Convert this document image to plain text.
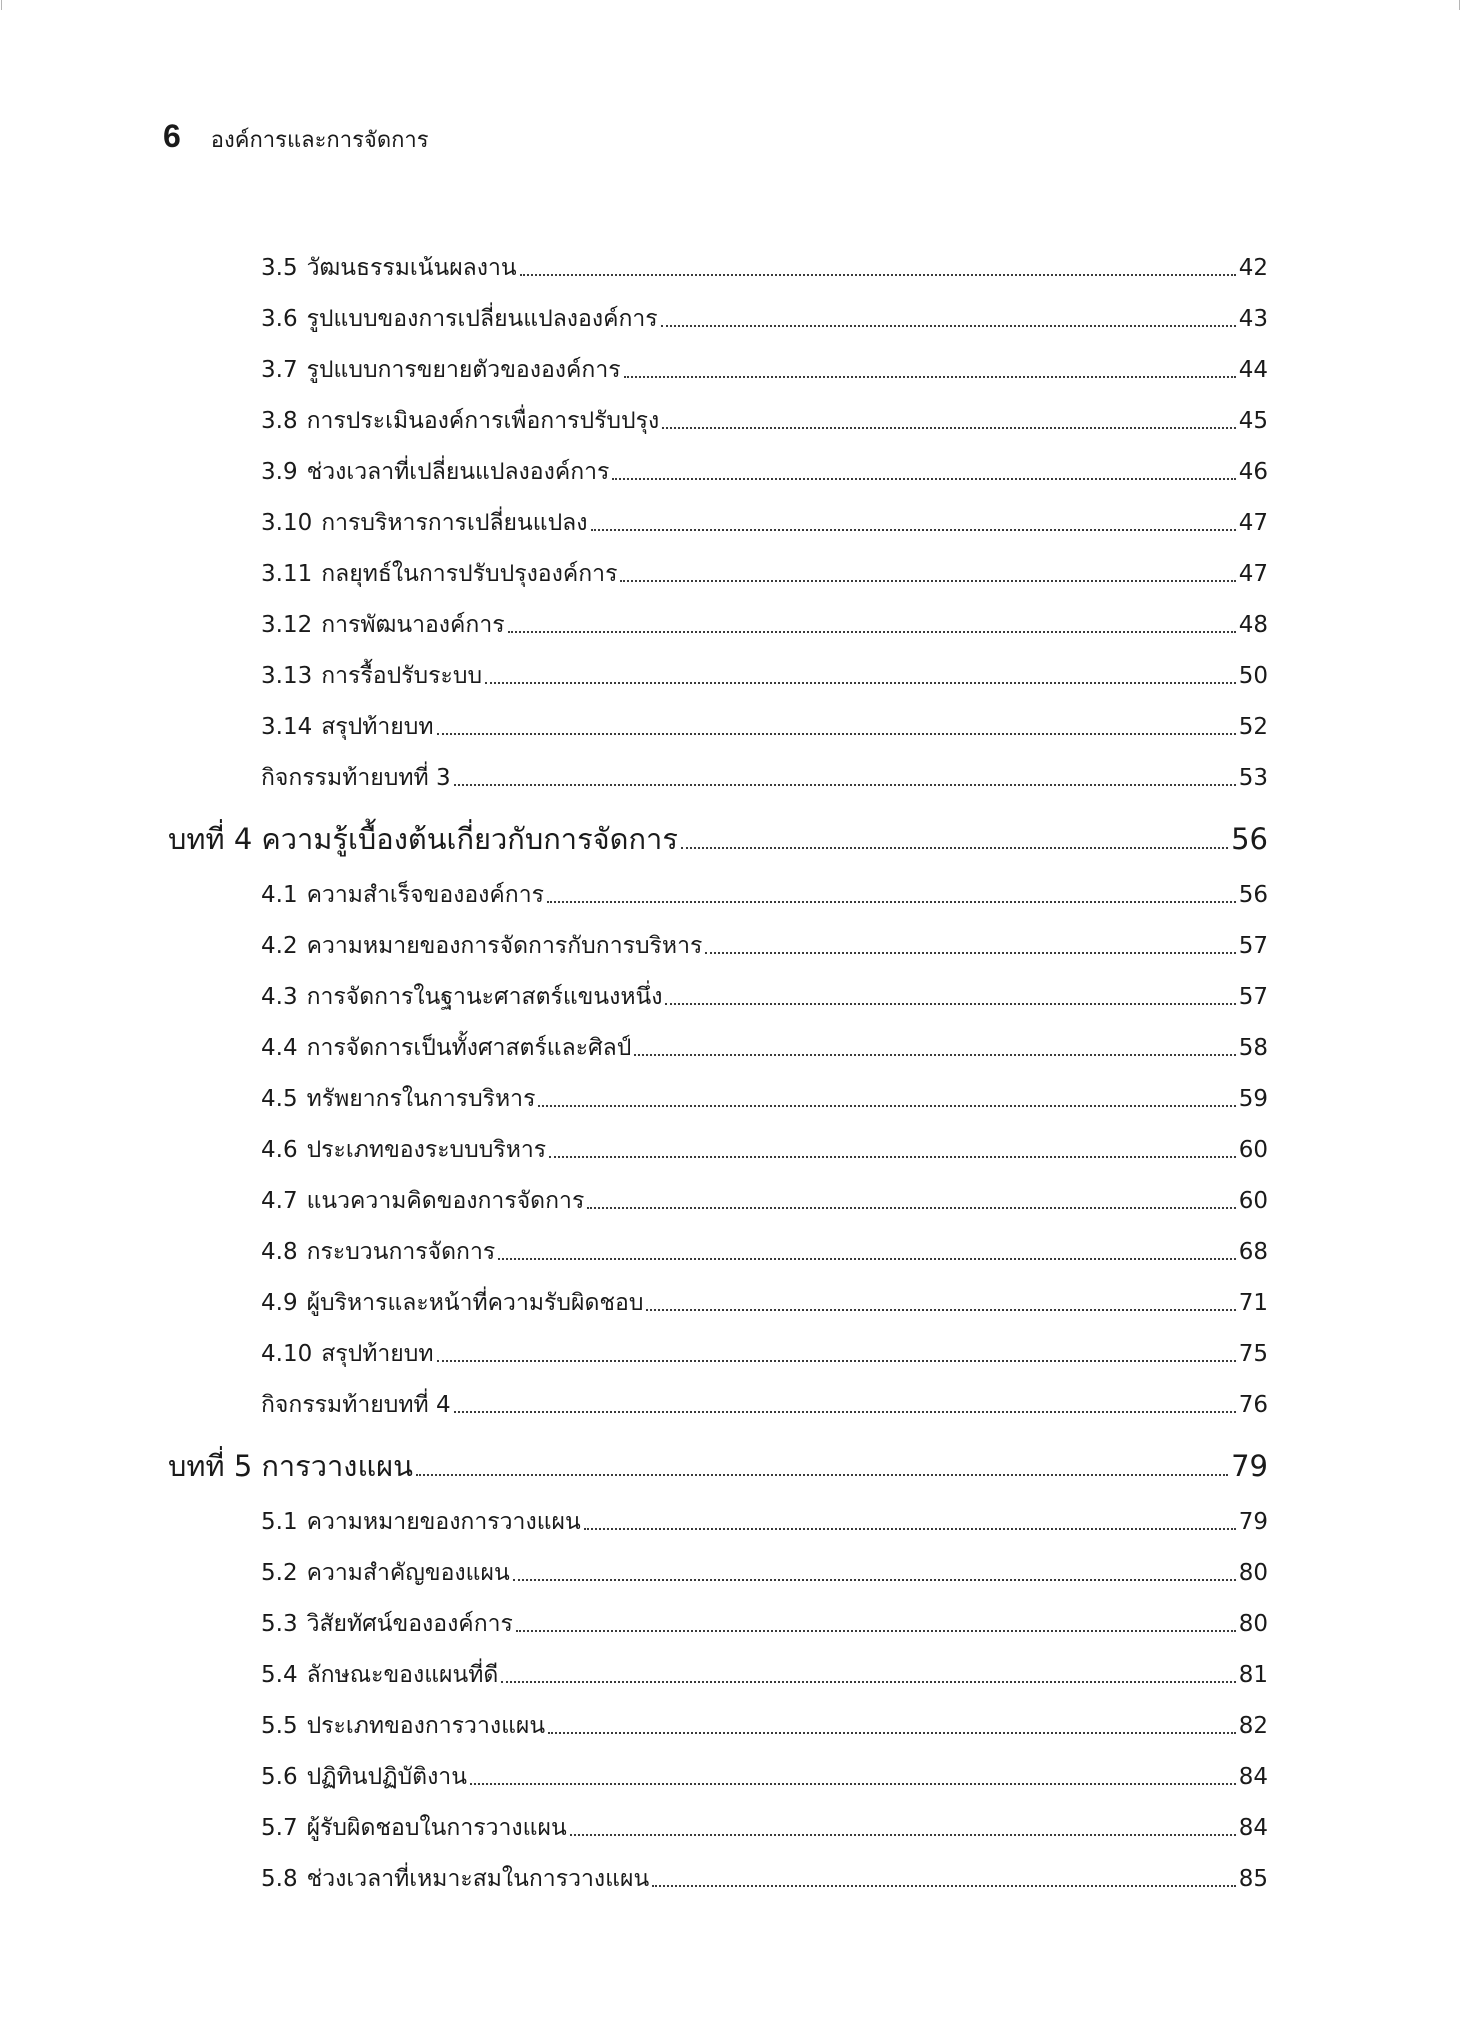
6 องค์การและการจัดการ
3.5 วัฒนธรรมเน้นผลงาน	42
3.6 รูปแบบของการเปลี่ยนแปลงองค์การ	43
3.7 รูปแบบการขยายตัวขององค์การ	44
3.8 การประเมินองค์การเพื่อการปรับปรุง	45
3.9 ช่วงเวลาที่เปลี่ยนแปลงองค์การ	46
3.10 การบริหารการเปลี่ยนแปลง	47
3.11 กลยุทธ์ในการปรับปรุงองค์การ	47
3.12 การพัฒนาองค์การ	48
3.13 การรื้อปรับระบบ	50
3.14 สรุปท้ายบท	52
กิจกรรมท้ายบทที่ 3	53
บทที่ 4 ความรู้เบื้องต้นเกี่ยวกับการจัดการ	56
4.1 ความสำเร็จขององค์การ	56
4.2 ความหมายของการจัดการกับการบริหาร	57
4.3 การจัดการในฐานะศาสตร์แขนงหนึ่ง	57
4.4 การจัดการเป็นทั้งศาสตร์และศิลป์	58
4.5 ทรัพยากรในการบริหาร	59
4.6 ประเภทของระบบบริหาร	60
4.7 แนวความคิดของการจัดการ	60
4.8 กระบวนการจัดการ	68
4.9 ผู้บริหารและหน้าที่ความรับผิดชอบ	71
4.10 สรุปท้ายบท	75
กิจกรรมท้ายบทที่ 4	76
บทที่ 5 การวางแผน	79
5.1 ความหมายของการวางแผน	79
5.2 ความสำคัญของแผน	80
5.3 วิสัยทัศน์ขององค์การ	80
5.4 ลักษณะของแผนที่ดี	81
5.5 ประเภทของการวางแผน	82
5.6 ปฏิทินปฏิบัติงาน	84
5.7 ผู้รับผิดชอบในการวางแผน	84
5.8 ช่วงเวลาที่เหมาะสมในการวางแผน	85
